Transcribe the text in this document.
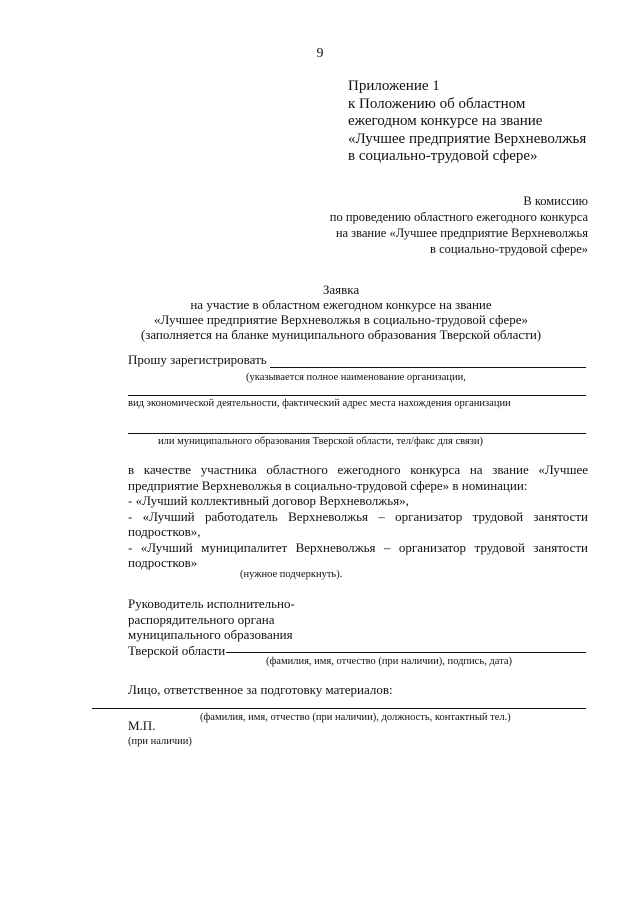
9
Приложение 1
к Положению об областном
ежегодном конкурсе на звание
«Лучшее предприятие Верхневолжья
в социально-трудовой сфере»
В комиссию
по проведению областного ежегодного конкурса
на звание «Лучшее предприятие Верхневолжья
в социально-трудовой сфере»
Заявка
на участие в областном ежегодном конкурсе на звание
«Лучшее предприятие Верхневолжья в социально-трудовой сфере»
(заполняется на бланке муниципального образования Тверской области)
Прошу зарегистрировать
(указывается полное наименование организации,
вид экономической деятельности, фактический адрес места нахождения организации
или муниципального образования Тверской области, тел/факс для связи)
в качестве участника областного ежегодного конкурса на звание «Лучшее
предприятие Верхневолжья в социально-трудовой сфере» в номинации:
- «Лучший коллективный договор Верхневолжья»,
- «Лучший работодатель Верхневолжья – организатор трудовой занятости
подростков»,
- «Лучший муниципалитет Верхневолжья – организатор трудовой занятости
подростков»
(нужное подчеркнуть).
Руководитель исполнительно-
распорядительного органа
муниципального образования
Тверской области
(фамилия, имя, отчество (при наличии), подпись, дата)
Лицо, ответственное за подготовку материалов:
(фамилия, имя, отчество (при наличии), должность, контактный тел.)
М.П.
(при наличии)
